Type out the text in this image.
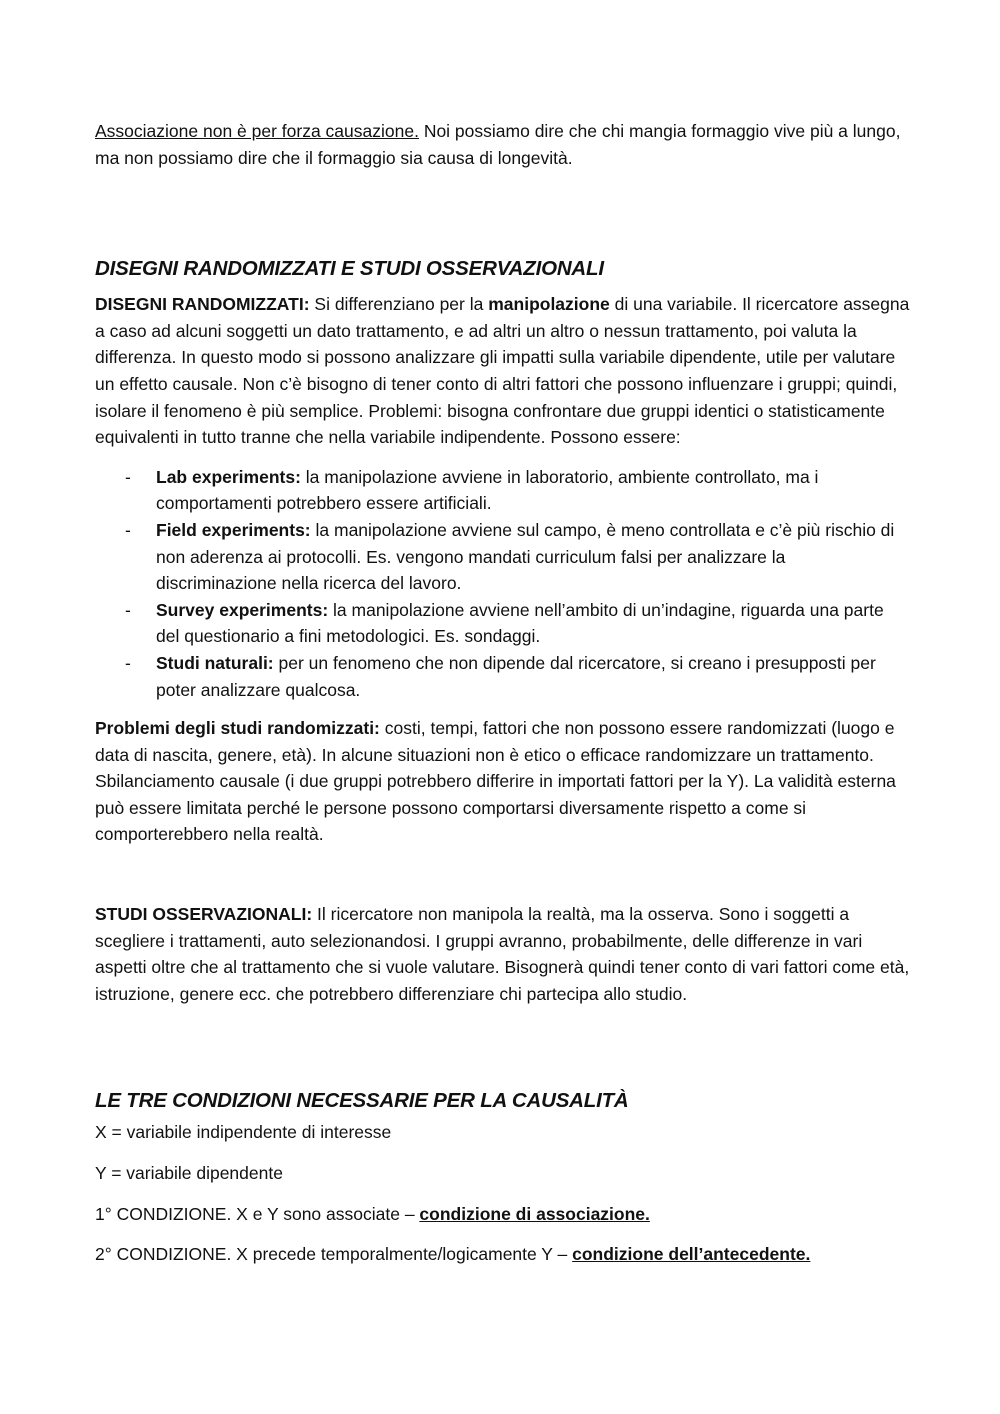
Associazione non è per forza causazione. Noi possiamo dire che chi mangia formaggio vive più a lungo, ma non possiamo dire che il formaggio sia causa di longevità.

DISEGNI RANDOMIZZATI E STUDI OSSERVAZIONALI

DISEGNI RANDOMIZZATI: Si differenziano per la manipolazione di una variabile. Il ricercatore assegna a caso ad alcuni soggetti un dato trattamento, e ad altri un altro o nessun trattamento, poi valuta la differenza. In questo modo si possono analizzare gli impatti sulla variabile dipendente, utile per valutare un effetto causale. Non c’è bisogno di tener conto di altri fattori che possono influenzare i gruppi; quindi, isolare il fenomeno è più semplice. Problemi: bisogna confrontare due gruppi identici o statisticamente equivalenti in tutto tranne che nella variabile indipendente. Possono essere:

- Lab experiments: la manipolazione avviene in laboratorio, ambiente controllato, ma i comportamenti potrebbero essere artificiali.
- Field experiments: la manipolazione avviene sul campo, è meno controllata e c’è più rischio di non aderenza ai protocolli. Es. vengono mandati curriculum falsi per analizzare la discriminazione nella ricerca del lavoro.
- Survey experiments: la manipolazione avviene nell’ambito di un’indagine, riguarda una parte del questionario a fini metodologici. Es. sondaggi.
- Studi naturali: per un fenomeno che non dipende dal ricercatore, si creano i presupposti per poter analizzare qualcosa.

Problemi degli studi randomizzati: costi, tempi, fattori che non possono essere randomizzati (luogo e data di nascita, genere, età). In alcune situazioni non è etico o efficace randomizzare un trattamento. Sbilanciamento causale (i due gruppi potrebbero differire in importati fattori per la Y). La validità esterna può essere limitata perché le persone possono comportarsi diversamente rispetto a come si comporterebbero nella realtà.

STUDI OSSERVAZIONALI: Il ricercatore non manipola la realtà, ma la osserva. Sono i soggetti a scegliere i trattamenti, auto selezionandosi. I gruppi avranno, probabilmente, delle differenze in vari aspetti oltre che al trattamento che si vuole valutare. Bisognerà quindi tener conto di vari fattori come età, istruzione, genere ecc. che potrebbero differenziare chi partecipa allo studio.

LE TRE CONDIZIONI NECESSARIE PER LA CAUSALITÀ

X = variabile indipendente di interesse

Y = variabile dipendente

1° CONDIZIONE. X e Y sono associate – condizione di associazione.

2° CONDIZIONE. X precede temporalmente/logicamente Y – condizione dell’antecedente.
